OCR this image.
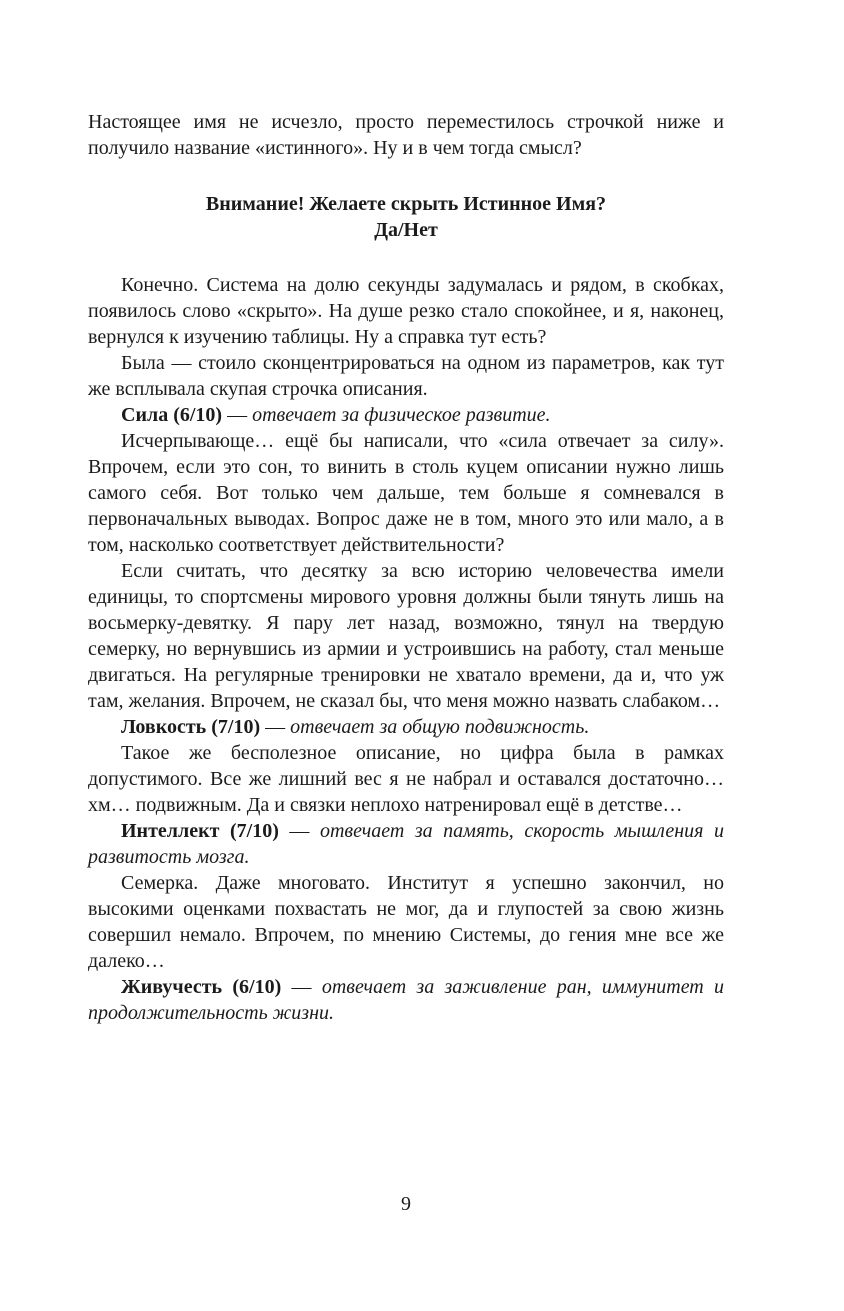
Настоящее имя не исчезло, просто переместилось строчкой ниже и получило название «истинного». Ну и в чем тогда смысл?

Внимание! Желаете скрыть Истинное Имя?
Да/Нет

Конечно. Система на долю секунды задумалась и рядом, в скобках, появилось слово «скрыто». На душе резко стало спокойнее, и я, наконец, вернулся к изучению таблицы. Ну а справка тут есть?

Была — стоило сконцентрироваться на одном из параметров, как тут же всплывала скупая строчка описания.

Сила (6/10) — отвечает за физическое развитие.

Исчерпывающе… ещё бы написали, что «сила отвечает за силу». Впрочем, если это сон, то винить в столь куцем описании нужно лишь самого себя. Вот только чем дальше, тем больше я сомневался в первоначальных выводах. Вопрос даже не в том, много это или мало, а в том, насколько соответствует действительности?

Если считать, что десятку за всю историю человечества имели единицы, то спортсмены мирового уровня должны были тянуть лишь на восьмерку-девятку. Я пару лет назад, возможно, тянул на твердую семерку, но вернувшись из армии и устроившись на работу, стал меньше двигаться. На регулярные тренировки не хватало времени, да и, что уж там, желания. Впрочем, не сказал бы, что меня можно назвать слабаком…

Ловкость (7/10) — отвечает за общую подвижность.

Такое же бесполезное описание, но цифра была в рамках допустимого. Все же лишний вес я не набрал и оставался достаточно… хм… подвижным. Да и связки неплохо натренировал ещё в детстве…

Интеллект (7/10) — отвечает за память, скорость мышления и развитость мозга.

Семерка. Даже многовато. Институт я успешно закончил, но высокими оценками похвастать не мог, да и глупостей за свою жизнь совершил немало. Впрочем, по мнению Системы, до гения мне все же далеко…

Живучесть (6/10) — отвечает за заживление ран, иммунитет и продолжительность жизни.

9
